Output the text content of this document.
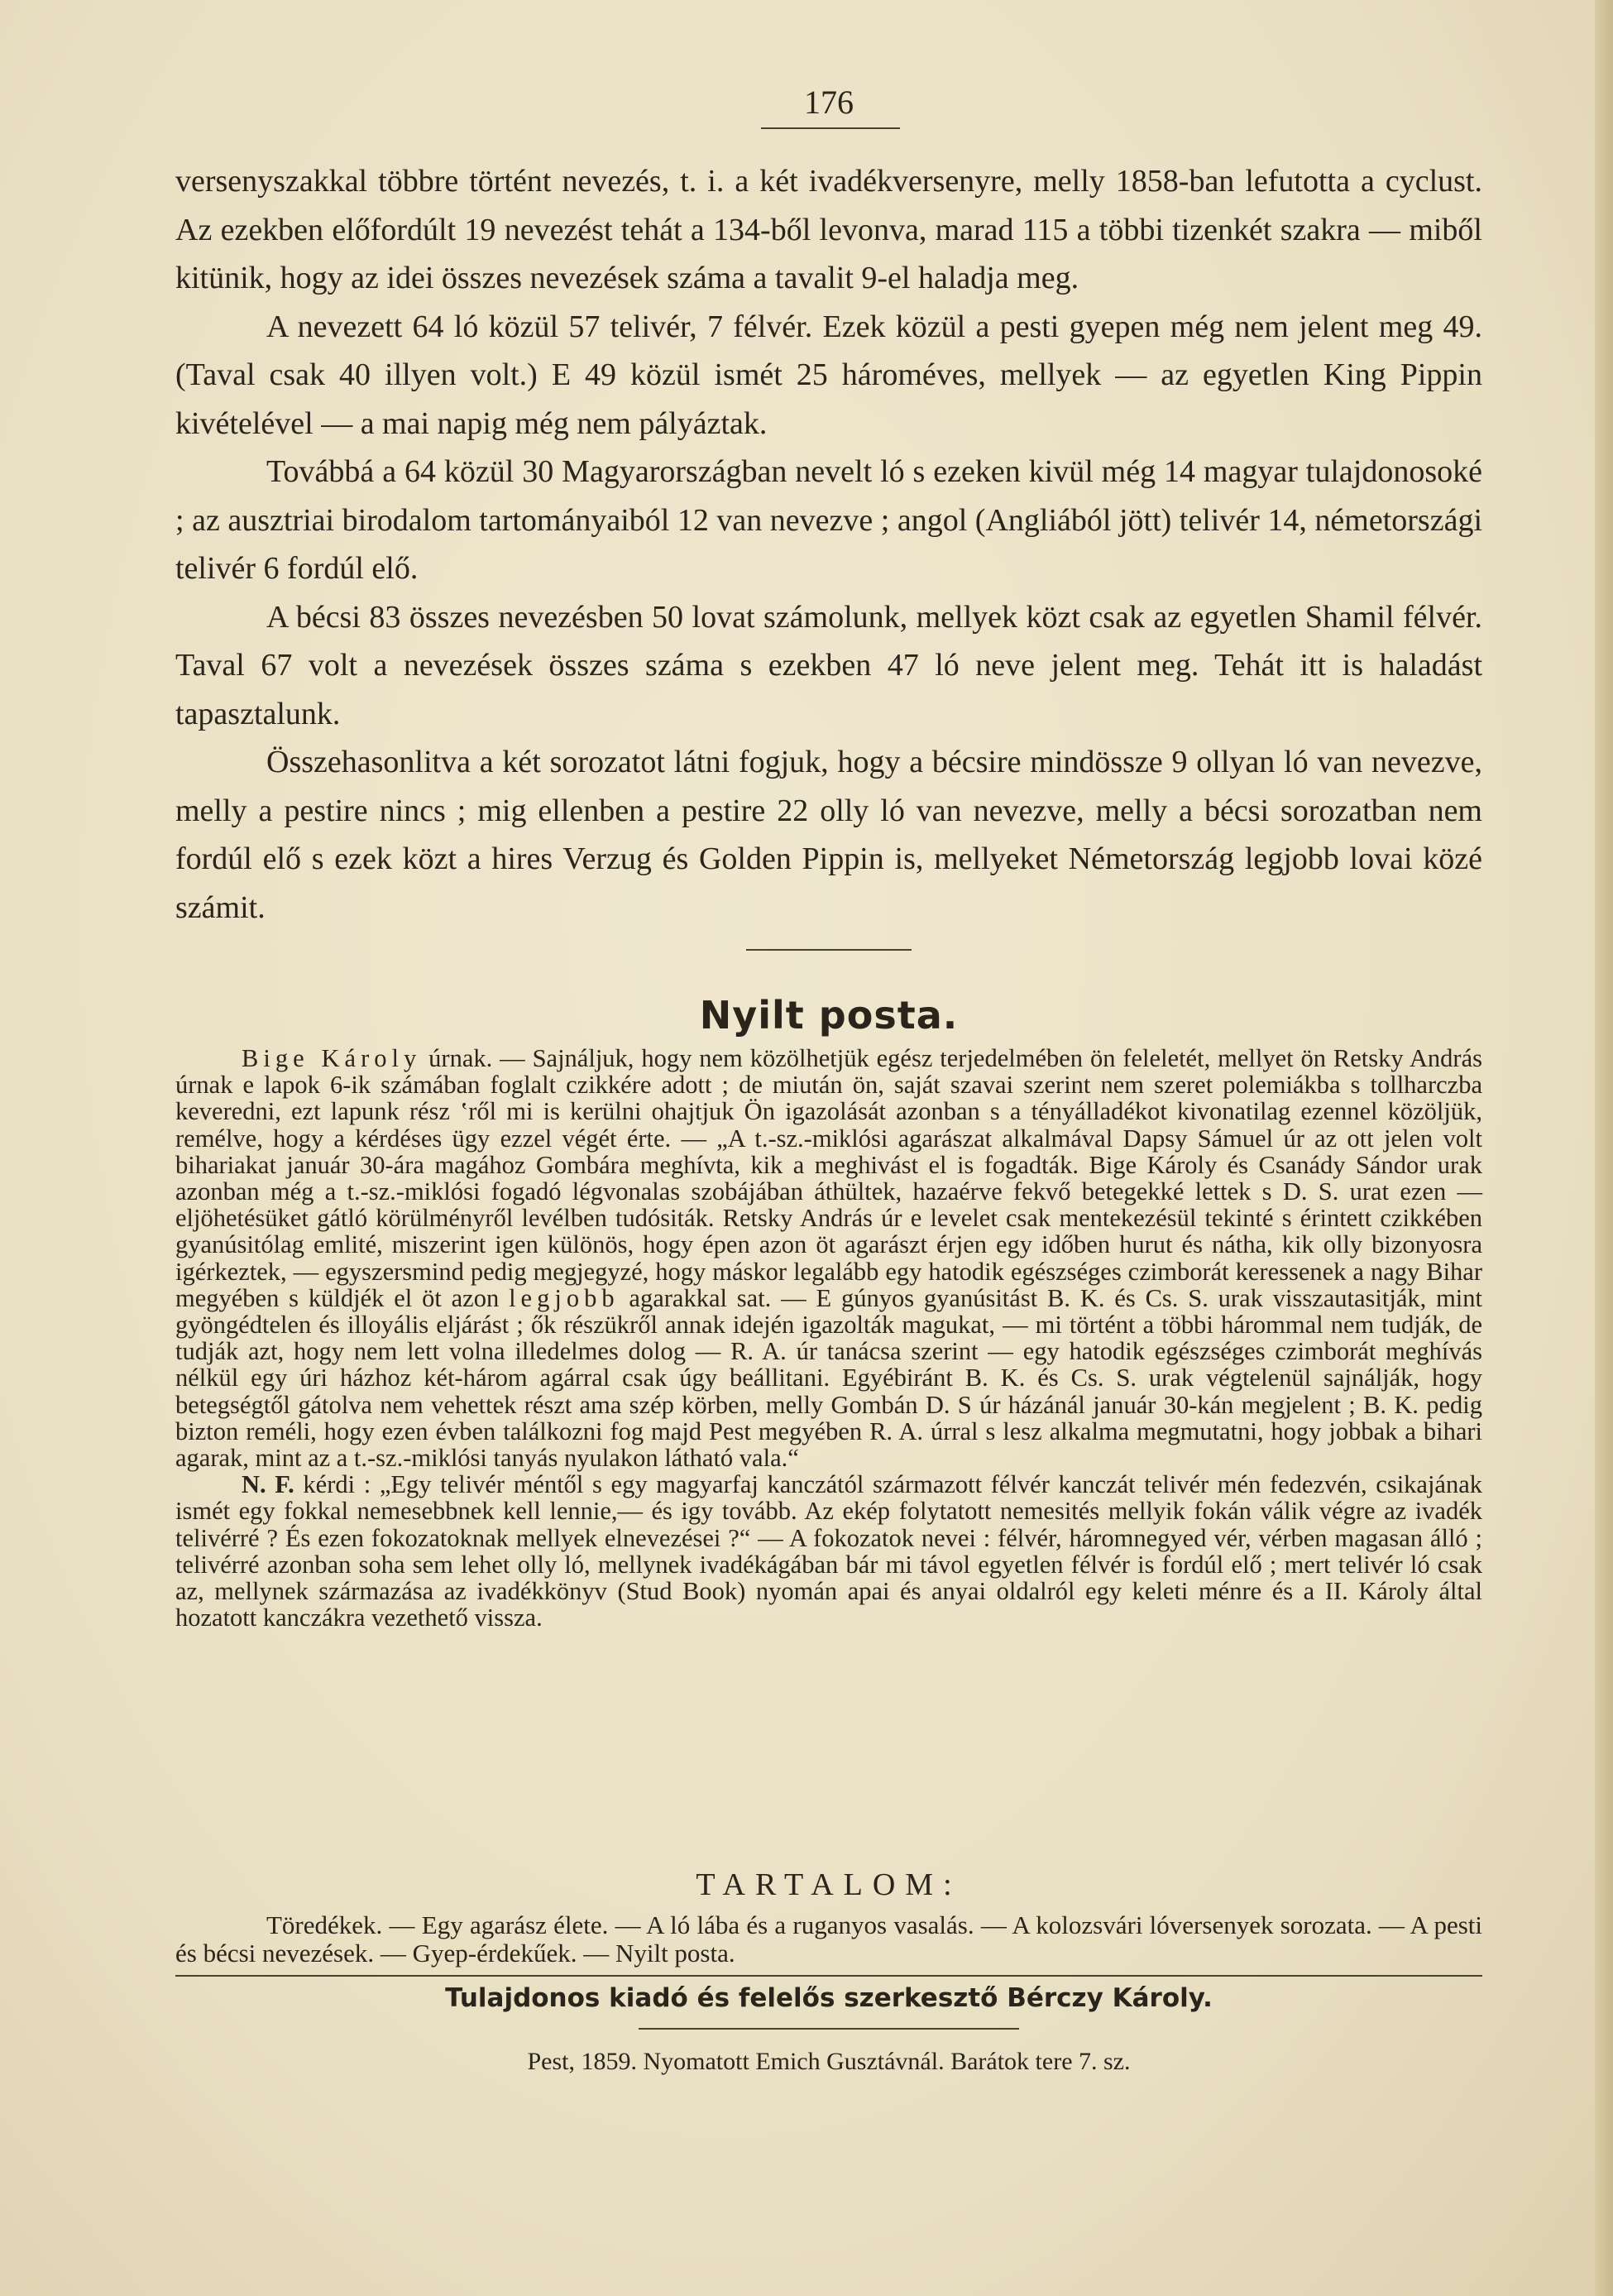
176

versenyszakkal többre történt nevezés, t. i. a két ivadékversenyre, melly 1858-ban lefutotta a cyclust. Az ezekben előfordúlt 19 nevezést tehát a 134-ből levonva, marad 115 a többi tizenkét szakra — miből kitünik, hogy az idei összes nevezések száma a tavalit 9-el haladja meg.

A nevezett 64 ló közül 57 telivér, 7 félvér. Ezek közül a pesti gyepen még nem jelent meg 49. (Taval csak 40 illyen volt.) E 49 közül ismét 25 hároméves, mellyek — az egyetlen King Pippin kivételével — a mai napig még nem pályáztak.

Továbbá a 64 közül 30 Magyarországban nevelt ló s ezeken kivül még 14 magyar tulajdonosoké ; az ausztriai birodalom tartományaiból 12 van nevezve ; angol (Angliából jött) telivér 14, németországi telivér 6 fordúl elő.

A bécsi 83 összes nevezésben 50 lovat számolunk, mellyek közt csak az egyetlen Shamil félvér. Taval 67 volt a nevezések összes száma s ezekben 47 ló neve jelent meg. Tehát itt is haladást tapasztalunk.

Összehasonlitva a két sorozatot látni fogjuk, hogy a bécsire mindössze 9 ollyan ló van nevezve, melly a pestire nincs ; mig ellenben a pestire 22 olly ló van nevezve, melly a bécsi sorozatban nem fordúl elő s ezek közt a hires Verzug és Golden Pippin is, mellyeket Németország legjobb lovai közé számit.

Nyilt posta.

Bige Károly úrnak. — Sajnáljuk, hogy nem közölhetjük egész terjedelmében ön feleletét, mellyet ön Retsky András úrnak e lapok 6-ik számában foglalt czikkére adott ; de miután ön, saját szavai szerint nem szeret polemiákba s tollharczba keveredni, ezt lapunk rész ‛ről mi is kerülni ohajtjuk Ön igazolását azonban s a tényálladékot kivonatilag ezennel közöljük, remélve, hogy a kérdéses ügy ezzel végét érte. — „A t.-sz.-miklósi agarászat alkalmával Dapsy Sámuel úr az ott jelen volt bihariakat január 30-ára magához Gombára meghívta, kik a meghivást el is fogadták. Bige Károly és Csanády Sándor urak azonban még a t.-sz.-miklósi fogadó légvonalas szobájában áthültek, hazaérve fekvő betegekké lettek s D. S. urat ezen — eljöhetésüket gátló körülményről levélben tudósiták. Retsky András úr e levelet csak mentekezésül tekinté s érintett czikkében gyanúsitólag emlité, miszerint igen különös, hogy épen azon öt agarászt érjen egy időben hurut és nátha, kik olly bizonyosra igérkeztek, — egyszersmind pedig megjegyzé, hogy máskor legalább egy hatodik egészséges czimborát keressenek a nagy Bihar megyében s küldjék el öt azon legjobb agarakkal sat. — E gúnyos gyanúsitást B. K. és Cs. S. urak visszautasitják, mint gyöngédtelen és illoyális eljárást ; ők részükről annak idején igazolták magukat, — mi történt a többi hárommal nem tudják, de tudják azt, hogy nem lett volna illedelmes dolog — R. A. úr tanácsa szerint — egy hatodik egészséges czimborát meghívás nélkül egy úri házhoz két-három agárral csak úgy beállitani. Egyébiránt B. K. és Cs. S. urak végtelenül sajnálják, hogy betegségtől gátolva nem vehettek részt ama szép körben, melly Gombán D. S úr házánál január 30-kán megjelent ; B. K. pedig bizton reméli, hogy ezen évben találkozni fog majd Pest megyében R. A. úrral s lesz alkalma megmutatni, hogy jobbak a bihari agarak, mint az a t.-sz.-miklósi tanyás nyulakon látható vala.“

N. F. kérdi : „Egy telivér méntől s egy magyarfaj kanczától származott félvér kanczát telivér mén fedezvén, csikajának ismét egy fokkal nemesebbnek kell lennie,— és igy tovább. Az ekép folytatott nemesités mellyik fokán válik végre az ivadék telivérré ? És ezen fokozatoknak mellyek elnevezései ?“ — A fokozatok nevei : félvér, háromnegyed vér, vérben magasan álló ; telivérré azonban soha sem lehet olly ló, mellynek ivadékágában bár mi távol egyetlen félvér is fordúl elő ; mert telivér ló csak az, mellynek származása az ivadékkönyv (Stud Book) nyomán apai és anyai oldalról egy keleti ménre és a II. Károly által hozatott kanczákra vezethető vissza.

TARTALOM:

Töredékek. — Egy agarász élete. — A ló lába és a ruganyos vasalás. — A kolozsvári lóversenyek sorozata. — A pesti és bécsi nevezések. — Gyep-érdekűek. — Nyilt posta.

Tulajdonos kiadó és felelős szerkesztő Bérczy Károly.
Pest, 1859. Nyomatott Emich Gusztávnál. Barátok tere 7. sz.
